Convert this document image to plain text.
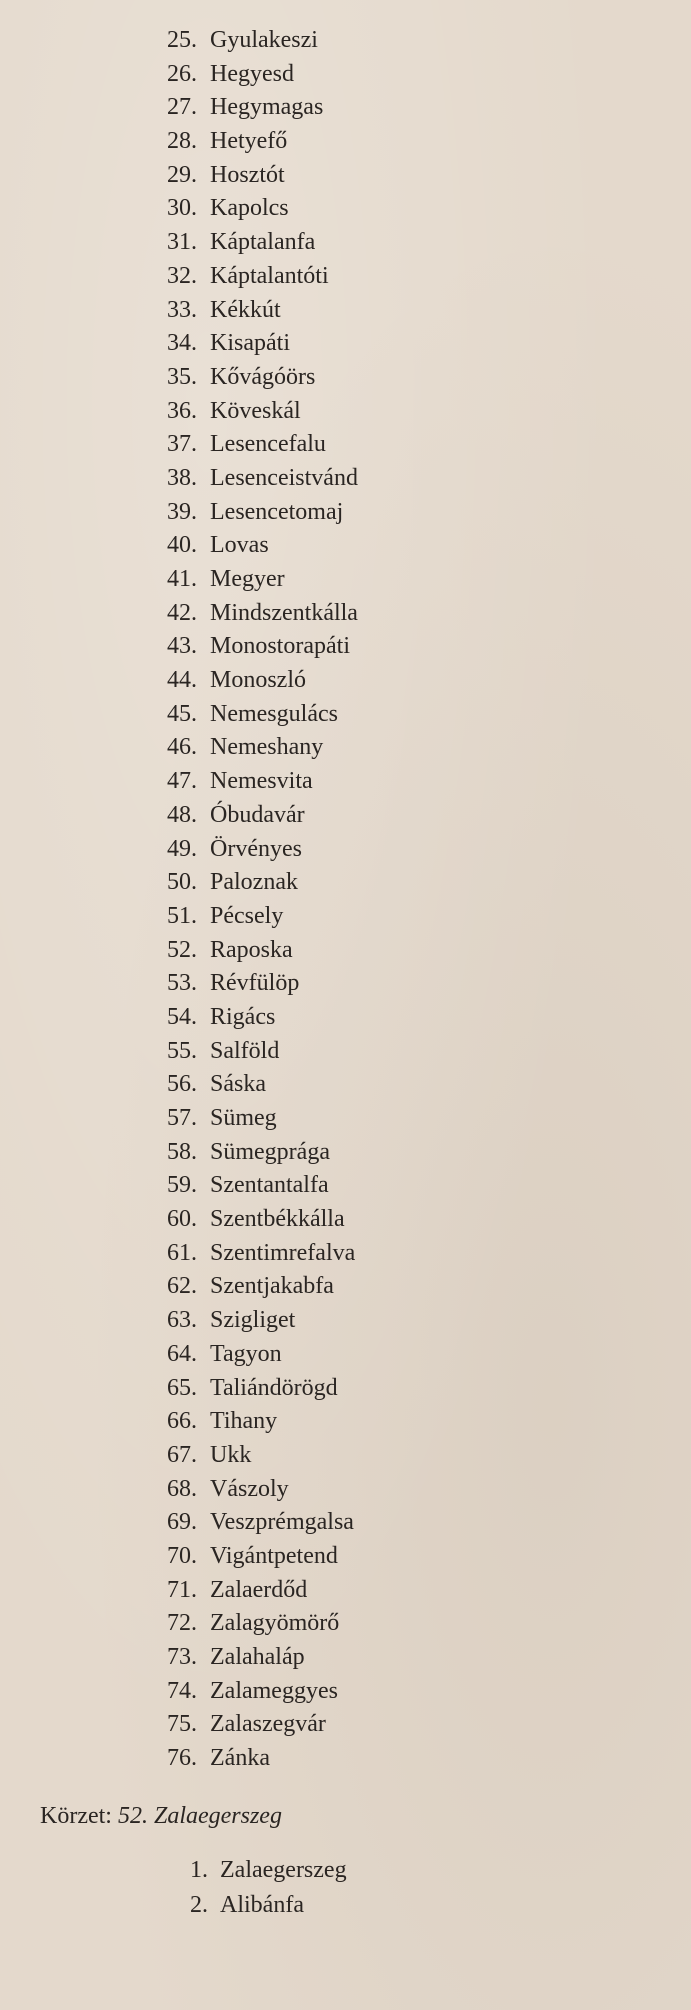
25. Gyulakeszi
26. Hegyesd
27. Hegymagas
28. Hetyefő
29. Hosztót
30. Kapolcs
31. Káptalanfa
32. Káptalantóti
33. Kékkút
34. Kisapáti
35. Kővágóörs
36. Köveskál
37. Lesencefalu
38. Lesenceistvánd
39. Lesencetomaj
40. Lovas
41. Megyer
42. Mindszentkálla
43. Monostorapáti
44. Monoszló
45. Nemesgulács
46. Nemeshany
47. Nemesvita
48. Óbudavár
49. Örvényes
50. Paloznak
51. Pécsely
52. Raposka
53. Révfülöp
54. Rigács
55. Salföld
56. Sáska
57. Sümeg
58. Sümegprága
59. Szentantalfa
60. Szentbékkálla
61. Szentimrefalva
62. Szentjakabfa
63. Szigliget
64. Tagyon
65. Taliándörögd
66. Tihany
67. Ukk
68. Vászoly
69. Veszprémgalsa
70. Vigántpetend
71. Zalaerdőd
72. Zalagyömörő
73. Zalahaláp
74. Zalameggyes
75. Zalaszegvár
76. Zánka
Körzet: 52. Zalaegerszeg
1. Zalaegerszeg
2. Alibánfa
